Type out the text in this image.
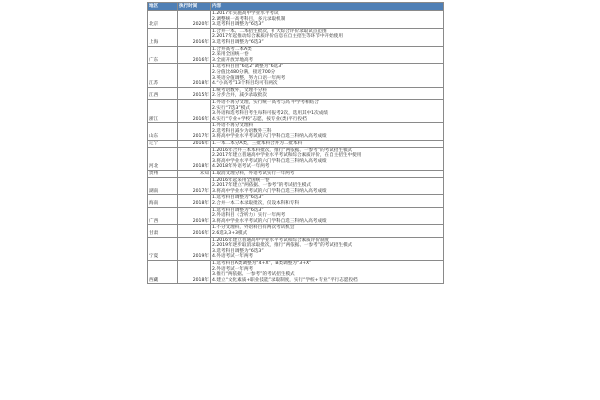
地区	执行时间	内容
北京	2020年	1.2017年实施高中学业水平考试
2.调整统一高考科目，多元录取机制
3.选考科目调整为“6选3”

上海	2016年	1.合并一本、二本招生批次，扩大综合评价录取试点范围
2.2017年起推动综合素质评价信息在自主招生等环节中开始使用
3.选考科目调整为“6选3”

广东	2016年	1.合并高考二本A类
2.采用全国统一卷
3.全面开放异地高考

江苏	2018年	1.选考科目由“6选2”调整为“6选3”
2.分值比480分满，接近700分
3.英语分值调整，努力口语一年两考
4.“小高考”13个科目均可有两次

江西	2015年	1.统考语数外，文理不分科
2.分步合并，减少录取批次

浙江	2016年	1.外语不再分文理，实行统一高考与高 中学考相结合
2.实行“7选3”模式
3.外语和选考科目考生每科可报考2次，选用其中1次成绩
4.实行“专业+学校”志愿，按专业(类)平行投档

山东	2017年	1.外语不再分文理科
2.选考科目减少为语数外三科
3.将高中学业水平考试的六门学科自选三科纳入高考成绩

辽宁	2016年	1.一本二本分A类，三批本科合并为二批本科

河北	2018年	1.2016年合并三本本科批次，推行“两依据、一参考”的考试招生模式
2.2017年建立普通高中学业水平考试和综合素质评价，在自主招生中使用
3.将高中学业水平考试的六门学科自选三科纳入高考成绩
4.2018年外语考试一年两考

贵州	未知	1.取消文理分科，外语考试实行一年两考

湖南	2017年	1.2016年起采用全国统一卷
2.2017年建立“两依据、一参考”的考试招生模式
3.将高中学业水平考试的六门学科自选三科纳入高考成绩

海南	2018年	1.选考科目调整为“6选3”
2.合并一本二本录取批次，仅设本科和专科

广西	2019年	1.选考科目调整为“6选3”
2.外语科目（含听力）实行一年两考
3.将高中学业水平考试的六门学科自选三科纳入高考成绩

甘肃	2016年	1.不分文理科，外语科目有两次考试机会
2.6选3,3+3模式

宁夏	2019年	1.2016年建立普通高中学业水平考试和综合素质评价制度
2.2019年逐步取消录取批次，推行“两依据、一参考”的考试招生模式
3.选考科目调整为“6选3”
4.外语考试一年两考

西藏	2018年	1.选考科目A类调整为“4+X”，B类调整为“3+X”
2.外语考试一年两考
3.推行“两依据、一参考”的考试招生模式
4.建立“文化素质+职业技能”录取制度，实行“学校+专业”平行志愿投档
